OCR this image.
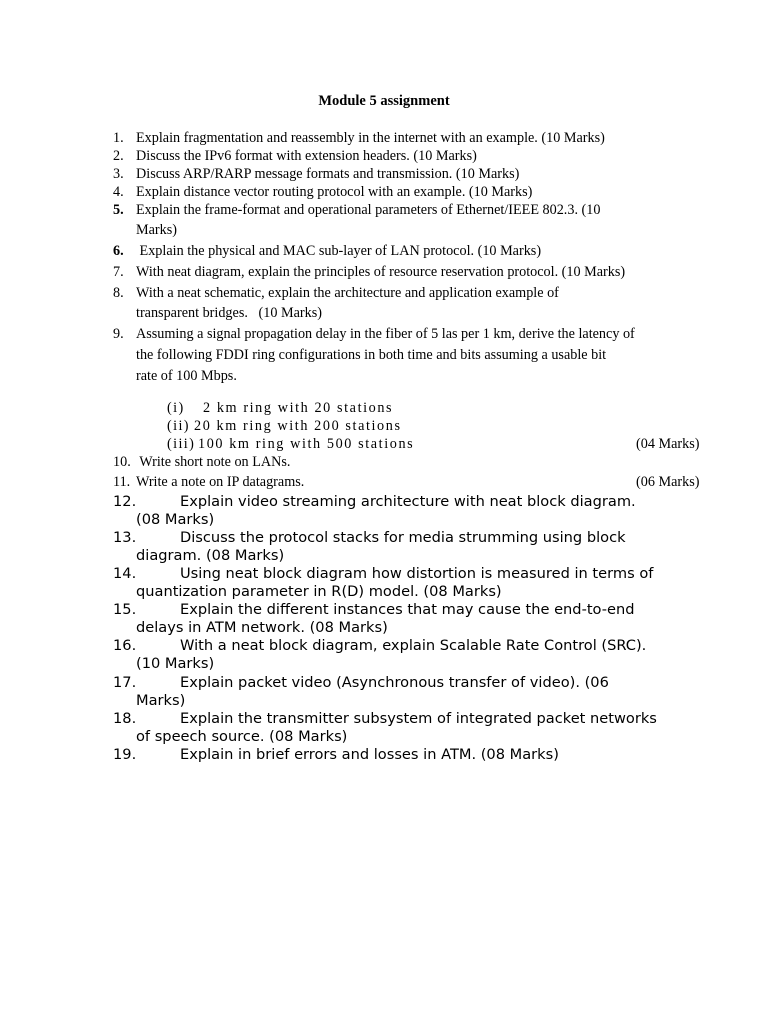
Module 5 assignment
1. Explain fragmentation and reassembly in the internet with an example. (10 Marks)
2. Discuss the IPv6 format with extension headers. (10 Marks)
3. Discuss ARP/RARP message formats and transmission. (10 Marks)
4. Explain distance vector routing protocol with an example. (10 Marks)
5. Explain the frame-format and operational parameters of Ethernet/IEEE 802.3. (10
Marks)
6. Explain the physical and MAC sub-layer of LAN protocol. (10 Marks)
7. With neat diagram, explain the principles of resource reservation protocol. (10 Marks)
8. With a neat schematic, explain the architecture and application example of
transparent bridges.   (10 Marks)
9. Assuming a signal propagation delay in the fiber of 5 las per 1 km, derive the latency of
the following FDDI ring configurations in both time and bits assuming a usable bit
rate of 100 Mbps.
(i) 2 km ring with 20 stations
(ii) 20 km ring with 200 stations
(iii) 100 km ring with 500 stations	(04 Marks)
10. Write short note on LANs.
11. Write a note on IP datagrams.	(06 Marks)
12.	Explain video streaming architecture with neat block diagram.
(08 Marks)
13.	Discuss the protocol stacks for media strumming using block
diagram. (08 Marks)
14.	Using neat block diagram how distortion is measured in terms of
quantization parameter in R(D) model. (08 Marks)
15.	Explain the different instances that may cause the end-to-end
delays in ATM network. (08 Marks)
16.	With a neat block diagram, explain Scalable Rate Control (SRC).
(10 Marks)
17.	Explain packet video (Asynchronous transfer of video). (06
Marks)
18.	Explain the transmitter subsystem of integrated packet networks
of speech source. (08 Marks)
19.	Explain in brief errors and losses in ATM. (08 Marks)
